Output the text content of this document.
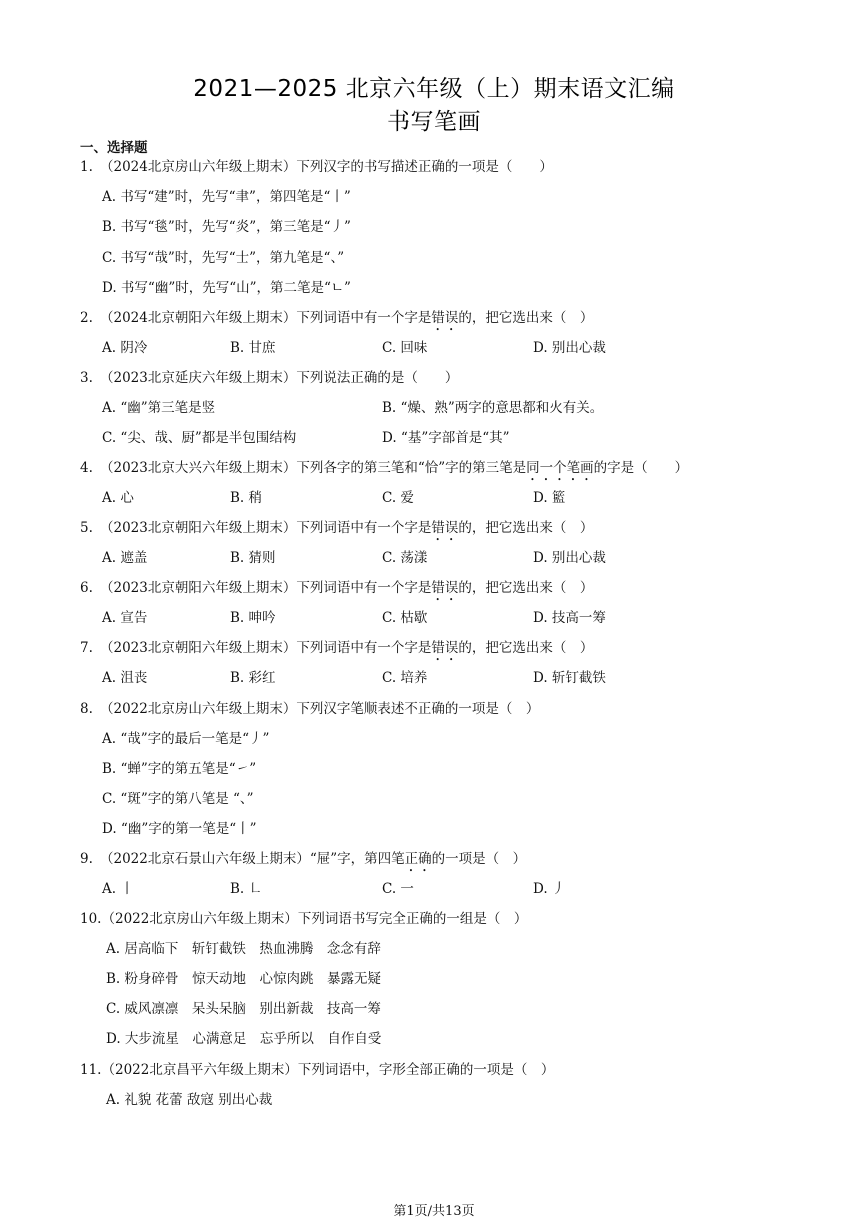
2021—2025 北京六年级（上）期末语文汇编
书写笔画
一、选择题
1. （2024北京房山六年级上期末）下列汉字的书写描述正确的一项是（　　）
A. 书写“建”时，先写“聿”，第四笔是“丨”
B. 书写“毯”时，先写“炎”，第三笔是“丿”
C. 书写“哉”时，先写“士”，第九笔是“、”
D. 书写“幽”时，先写“山”，第二笔是“ㄴ”
2. （2024北京朝阳六年级上期末）下列词语中有一个字是错误的，把它选出来（　）
A. 阴冷	B. 甘庶	C. 回味	D. 别出心裁
3. （2023北京延庆六年级上期末）下列说法正确的是（　　）
A. “幽”第三笔是竖	B. “燥、熟”两字的意思都和火有关。
C. “尖、哉、厨”都是半包围结构	D. “基”字部首是“其”
4. （2023北京大兴六年级上期末）下列各字的第三笔和“恰”字的第三笔是同一个笔画的字是（　　）
A. 心	B. 稍	C. 爱	D. 籃
5. （2023北京朝阳六年级上期末）下列词语中有一个字是错误的，把它选出来（　）
A. 遮盖	B. 猜则	C. 荡漾	D. 别出心裁
6. （2023北京朝阳六年级上期末）下列词语中有一个字是错误的，把它选出来（　）
A. 宣告	B. 呻吟	C. 枯歇	D. 技高一筹
7. （2023北京朝阳六年级上期末）下列词语中有一个字是错误的，把它选出来（　）
A. 沮丧	B. 彩红	C. 培养	D. 斩钉截铁
8. （2022北京房山六年级上期末）下列汉字笔顺表述不正确的一项是（　）
A. “哉”字的最后一笔是“丿”
B. “蝉”字的第五笔是“㇀”
C. “斑”字的第八笔是 “、”
D. “幽”字的第一笔是“丨”
9. （2022北京石景山六年级上期末）“屉”字，第四笔正确的一项是（　）
A. 丨	B. ㇗	C. 一	D. 丿
10.（2022北京房山六年级上期末）下列词语书写完全正确的一组是（　）
A. 居高临下　斩钉截铁　热血沸腾　念念有辞
B. 粉身碎骨　惊天动地　心惊肉跳　暴露无疑
C. 威风凛凛　呆头呆脑　别出新裁　技高一筹
D. 大步流星　心满意足　忘乎所以　自作自受
11.（2022北京昌平六年级上期末）下列词语中，字形全部正确的一项是（　）
A. 礼貌 花蕾 敌寇 别出心裁
第1页/共13页
